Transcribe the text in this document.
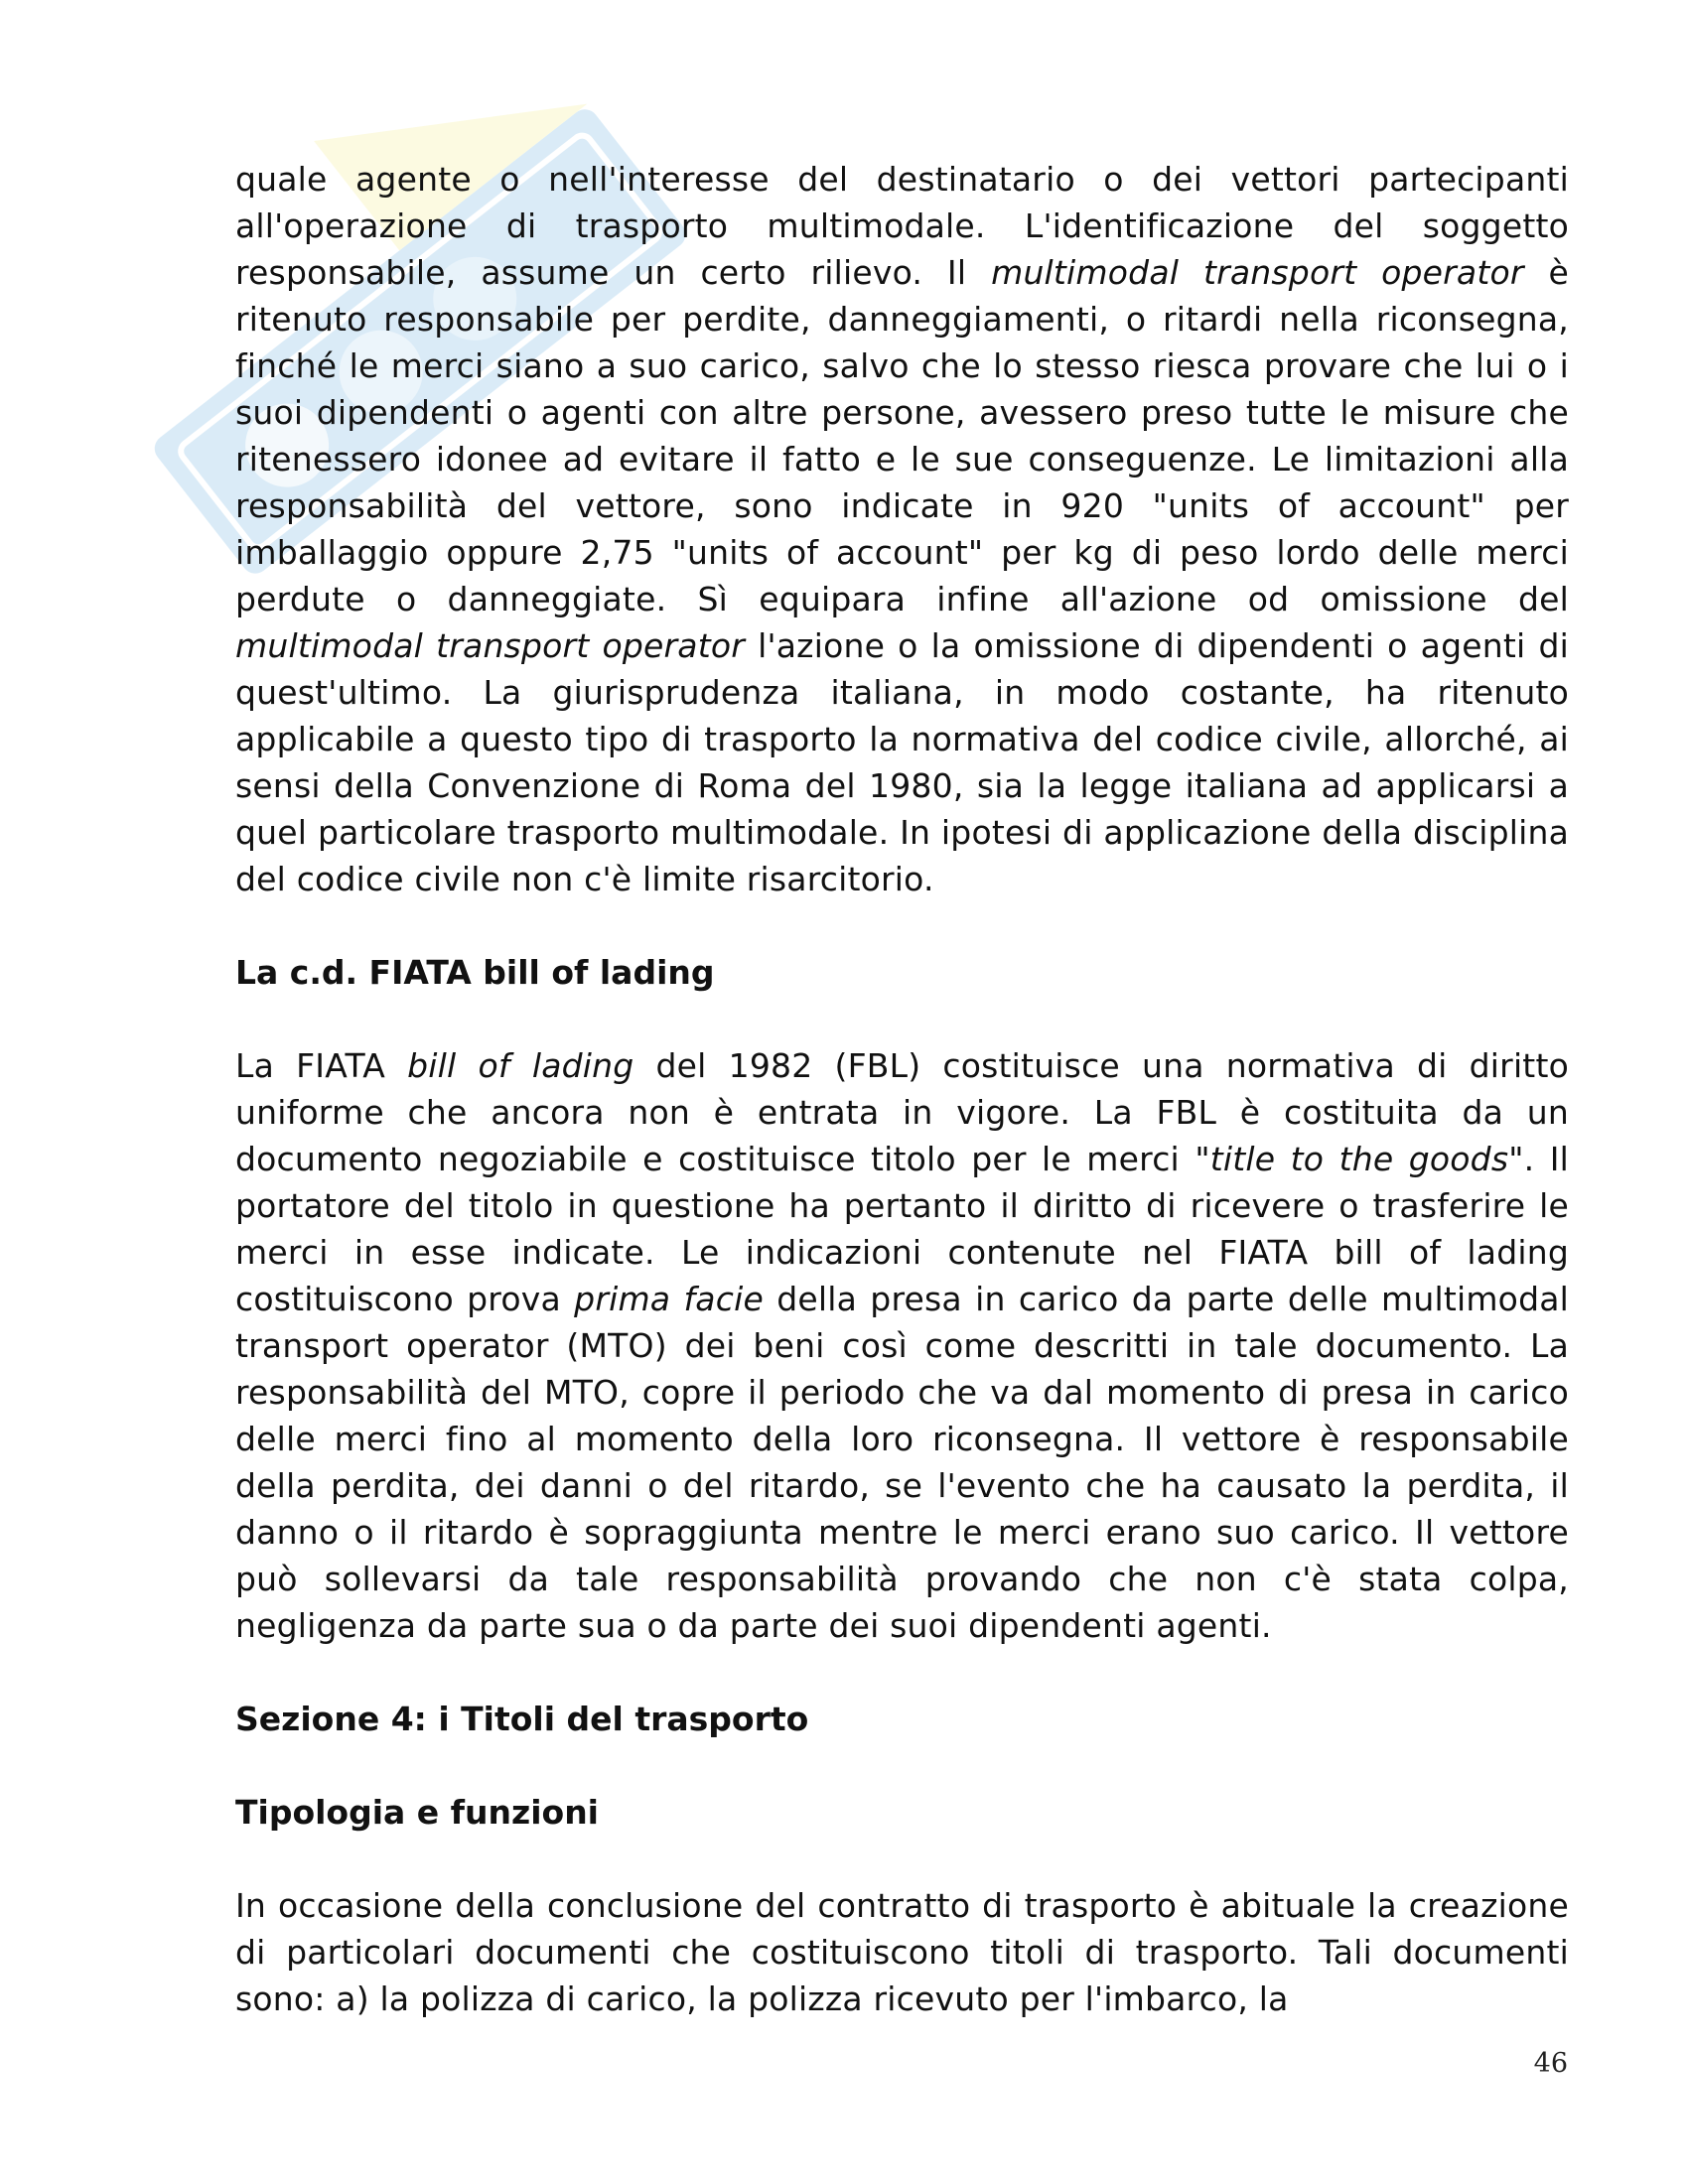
quale agente o nell'interesse del destinatario o dei vettori partecipanti all'operazione di trasporto multimodale. L'identificazione del soggetto responsabile, assume un certo rilievo. Il multimodal transport operator è ritenuto responsabile per perdite, danneggiamenti, o ritardi nella riconsegna, finché le merci siano a suo carico, salvo che lo stesso riesca provare che lui o i suoi dipendenti o agenti con altre persone, avessero preso tutte le misure che ritenessero idonee ad evitare il fatto e le sue conseguenze. Le limitazioni alla responsabilità del vettore, sono indicate in 920 "units of account" per imballaggio oppure 2,75 "units of account" per kg di peso lordo delle merci perdute o danneggiate. Sì equipara infine all'azione od omissione del multimodal transport operator l'azione o la omissione di dipendenti o agenti di quest'ultimo. La giurisprudenza italiana, in modo costante, ha ritenuto applicabile a questo tipo di trasporto la normativa del codice civile, allorché, ai sensi della Convenzione di Roma del 1980, sia la legge italiana ad applicarsi a quel particolare trasporto multimodale. In ipotesi di applicazione della disciplina del codice civile non c'è limite risarcitorio.

La c.d. FIATA bill of lading

La FIATA bill of lading del 1982 (FBL) costituisce una normativa di diritto uniforme che ancora non è entrata in vigore. La FBL è costituita da un documento negoziabile e costituisce titolo per le merci "title to the goods". Il portatore del titolo in questione ha pertanto il diritto di ricevere o trasferire le merci in esse indicate. Le indicazioni contenute nel FIATA bill of lading costituiscono prova prima facie della presa in carico da parte delle multimodal transport operator (MTO) dei beni così come descritti in tale documento. La responsabilità del MTO, copre il periodo che va dal momento di presa in carico delle merci fino al momento della loro riconsegna. Il vettore è responsabile della perdita, dei danni o del ritardo, se l'evento che ha causato la perdita, il danno o il ritardo è sopraggiunta mentre le merci erano suo carico. Il vettore può sollevarsi da tale responsabilità provando che non c'è stata colpa, negligenza da parte sua o da parte dei suoi dipendenti agenti.

Sezione 4: i Titoli del trasporto
Tipologia e funzioni

In occasione della conclusione del contratto di trasporto è abituale la creazione di particolari documenti che costituiscono titoli di trasporto. Tali documenti sono: a) la polizza di carico, la polizza ricevuto per l'imbarco, la

46
